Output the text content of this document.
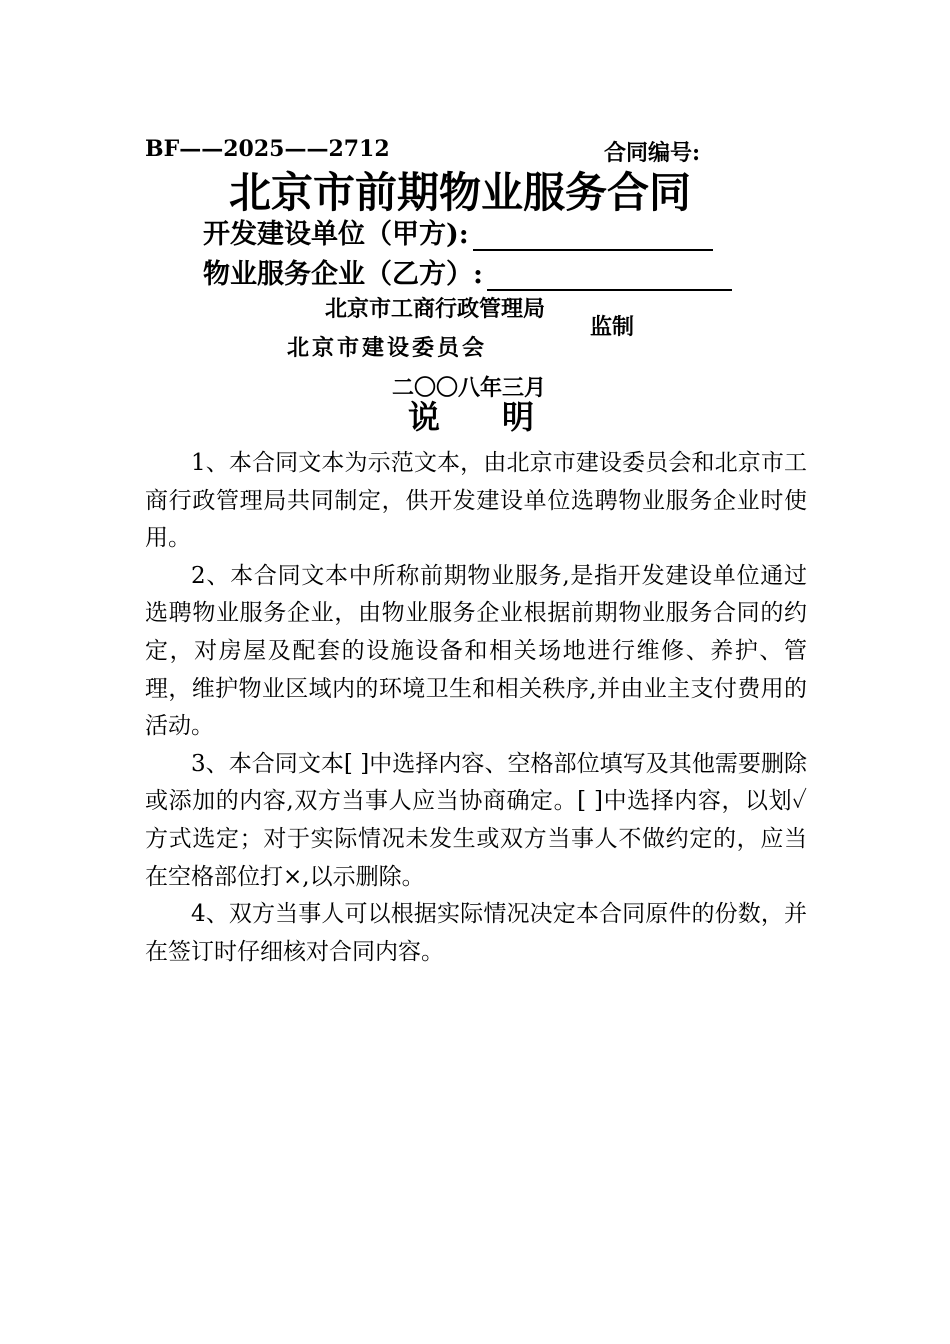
BF——2025——2712	合同编号:
北京市前期物业服务合同
开发建设单位（甲方):
物业服务企业（乙方）:
北京市工商行政管理局
北京市建设委员会
监制
二〇〇八年三月
说明

1、本合同文本为示范文本，由北京市建设委员会和北京市工商行政管理局共同制定，供开发建设单位选聘物业服务企业时使用。

2、本合同文本中所称前期物业服务,是指开发建设单位通过选聘物业服务企业，由物业服务企业根据前期物业服务合同的约定，对房屋及配套的设施设备和相关场地进行维修、养护、管理，维护物业区域内的环境卫生和相关秩序,并由业主支付费用的活动。

3、本合同文本[ ]中选择内容、空格部位填写及其他需要删除或添加的内容,双方当事人应当协商确定。[ ]中选择内容，以划✓方式选定；对于实际情况未发生或双方当事人不做约定的，应当在空格部位打×,以示删除。

4、双方当事人可以根据实际情况决定本合同原件的份数，并在签订时仔细核对合同内容。
